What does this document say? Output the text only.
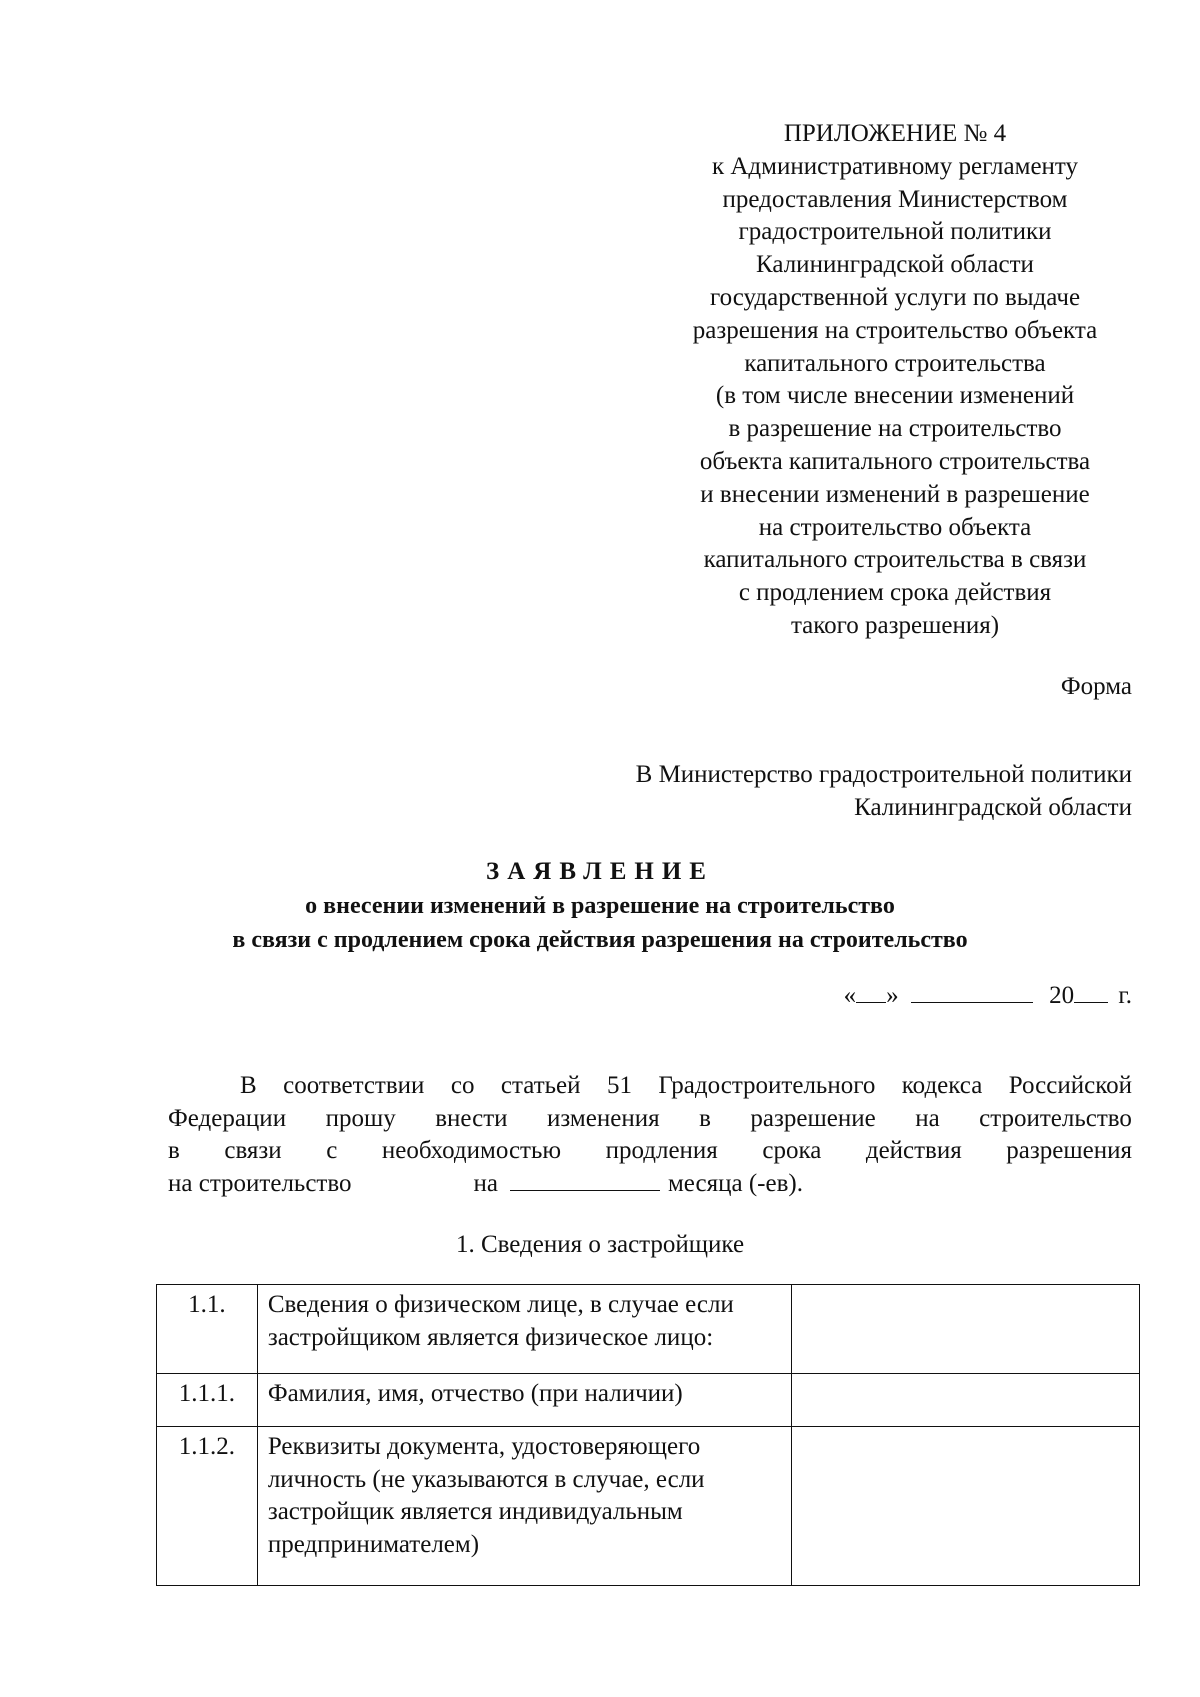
ПРИЛОЖЕНИЕ № 4
к Административному регламенту
предоставления Министерством
градостроительной политики
Калининградской области
государственной услуги по выдаче
разрешения на строительство объекта
капитального строительства
(в том числе внесении изменений
в разрешение на строительство
объекта капитального строительства
и внесении изменений в разрешение
на строительство объекта
капитального строительства в связи
с продлением срока действия
такого разрешения)
Форма
В Министерство градостроительной политики
Калининградской области
ЗАЯВЛЕНИЕ
о внесении изменений в разрешение на строительство
в связи с продлением срока действия разрешения на строительство
« »	20 г.
В соответствии со статьей 51 Градостроительного кодекса Российской
Федерации прошу внести изменения в разрешение на строительство
в связи с необходимостью продления срока действия разрешения
на строительство	на	месяца (-ев).
1. Сведения о застройщике
1.1.	Сведения о физическом лице, в случае если
застройщиком является физическое лицо:	

1.1.1.	Фамилия, имя, отчество (при наличии)	

1.1.2.	Реквизиты документа, удостоверяющего
личность (не указываются в случае, если
застройщик является индивидуальным
предпринимателем)	
